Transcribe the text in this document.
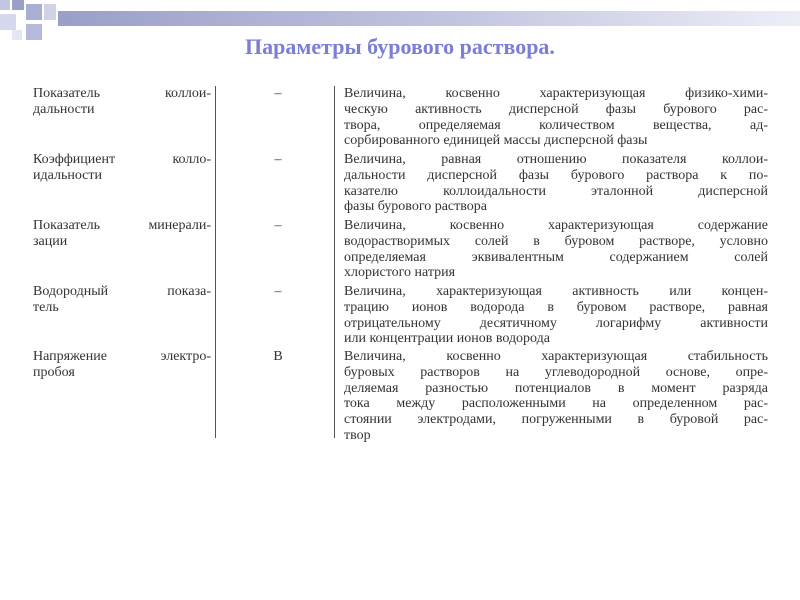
Параметры бурового раствора.
Показатель коллои-
дальности
–	Величина, косвенно характеризующая физико-хими-
ческую активность дисперсной фазы бурового рас-
твора, определяемая количеством вещества, ад-
сорбированного единицей массы дисперсной фазы
Коэффициент колло-
идальности
–	Величина, равная отношению показателя коллои-
дальности дисперсной фазы бурового раствора к по-
казателю коллоидальности эталонной дисперсной
фазы бурового раствора
Показатель минерали-
зации
–	Величина, косвенно характеризующая содержание
водорастворимых солей в буровом растворе, условно
определяемая эквивалентным содержанием солей
хлористого натрия
Водородный показа-
тель
–	Величина, характеризующая активность или концен-
трацию ионов водорода в буровом растворе, равная
отрицательному десятичному логарифму активности
или концентрации ионов водорода
Напряжение электро-
пробоя
В	Величина, косвенно характеризующая стабильность
буровых растворов на углеводородной основе, опре-
деляемая разностью потенциалов в момент разряда
тока между расположенными на определенном рас-
стоянии электродами, погруженными в буровой рас-
твор
